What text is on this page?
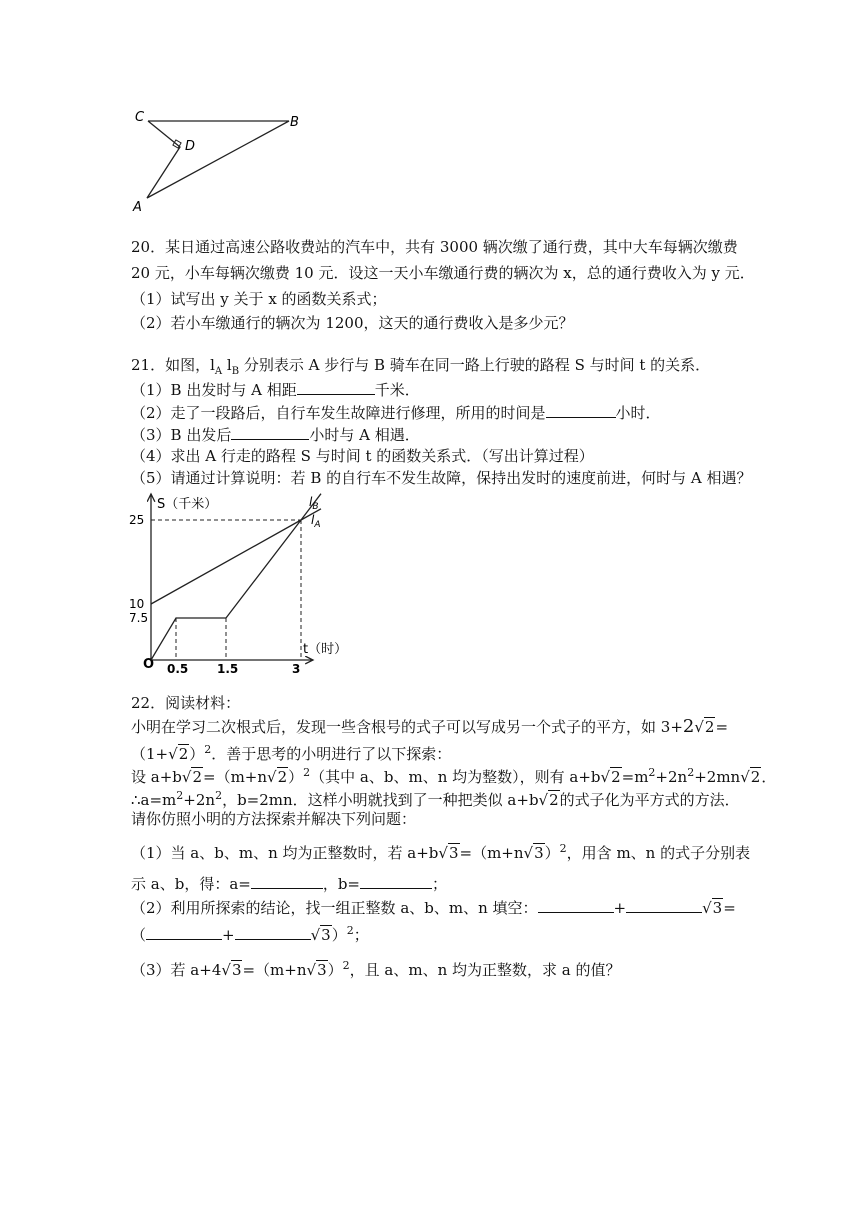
C	B
D
A
20．某日通过高速公路收费站的汽车中，共有 3000 辆次缴了通行费，其中大车每辆次缴费
20 元，小车每辆次缴费 10 元．设这一天小车缴通行费的辆次为 x，总的通行费收入为 y 元．
（1）试写出 y 关于 x 的函数关系式；
（2）若小车缴通行的辆次为 1200，这天的通行费收入是多少元？
21．如图，$l_A$ $l_B$ 分别表示 A 步行与 B 骑车在同一路上行驶的路程 S 与时间 t 的关系．
（1）B 出发时与 A 相距	千米．
（2）走了一段路后，自行车发生故障进行修理，所用的时间是	小时．
（3）B 出发后	小时与 A 相遇．
（4）求出 A 行走的路程 S 与时间 t 的函数关系式．（写出计算过程）
（5）请通过计算说明：若 B 的自行车不发生故障，保持出发时的速度前进，何时与 A 相遇？
S（千米）
t（时）
O 0.5 1.5	3
7.5
10
25
$l_B$
$l_A$
22．阅读材料：
小明在学习二次根式后，发现一些含根号的式子可以写成另一个式子的平方，如 3+2√2=
$(1+√2)^2$．善于思考的小明进行了以下探索：
设 $a+b√2=(m+n√2)^2$（其中 a、b、m、n 均为整数），则有 $a+b√2=m^2+2n^2+2mn√2$．
$\therefore a=m^2+2n^2$，b=2mn．这样小明就找到了一种把类似 a+b√2的式子化为平方式的方法．
请你仿照小明的方法探索并解决下列问题：
（1）当 a、b、m、n 均为正整数时，若 $a+b√3=(m+n√3)^2$，用含 m、n 的式子分别表
示 a、b，得：a=	，b=	；
（2）利用所探索的结论，找一组正整数 a、b、m、n 填空：	+	√3=
（	+	√3）$^2$；
（3）若 $a+4√3=(m+n√3)^2$，且 a、m、n 均为正整数，求 a 的值？
